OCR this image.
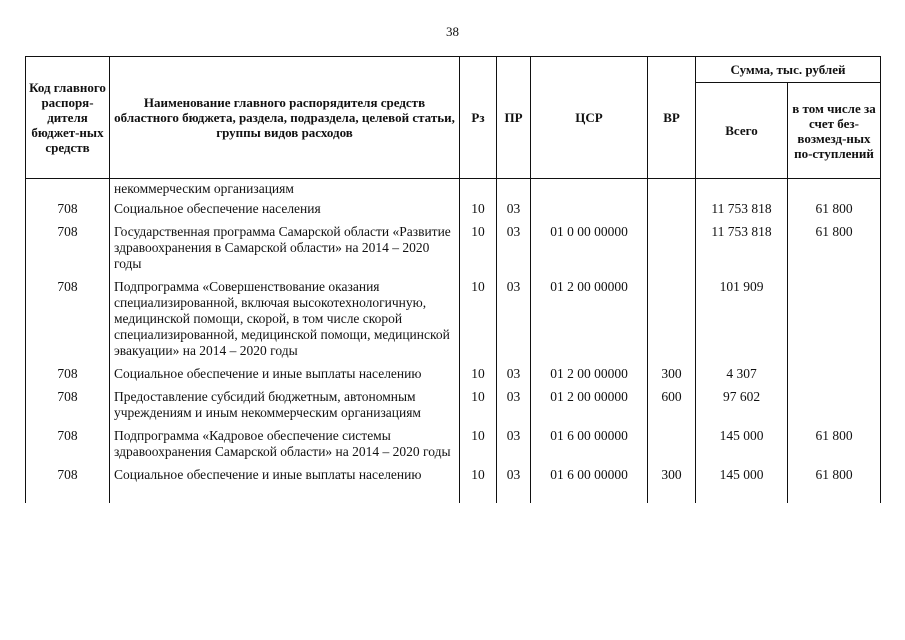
38
Код главного распоря-дителя бюджет-ных средств	Наименование главного распорядителя средств областного бюджета, раздела, подраздела, целевой статьи, группы видов расходов	Рз	ПР	ЦСР	ВР	Сумма, тыс. рублей	
						Всего	в том числе за счет без-возмезд-ных по-ступлений
	некоммерческим организациям						
708	Социальное обеспечение населения	10	03			11 753 818	61 800
708	Государственная программа Самарской области «Развитие здравоохранения в Самарской области» на 2014 – 2020 годы	10	03	01 0 00 00000		11 753 818	61 800
708	Подпрограмма «Совершенствование оказания специализированной, включая высокотехнологичную, медицинской помощи, скорой, в том числе скорой специализированной, медицинской помощи, медицинской эвакуации» на 2014 – 2020 годы	10	03	01 2 00 00000		101 909	
708	Социальное обеспечение и иные выплаты населению	10	03	01 2 00 00000	300	4 307	
708	Предоставление субсидий бюджетным, автономным учреждениям и иным некоммерческим организациям	10	03	01 2 00 00000	600	97 602	
708	Подпрограмма «Кадровое обеспечение системы здравоохранения Самарской области» на 2014 – 2020 годы	10	03	01 6 00 00000		145 000	61 800
708	Социальное обеспечение и иные выплаты населению	10	03	01 6 00 00000	300	145 000	61 800
